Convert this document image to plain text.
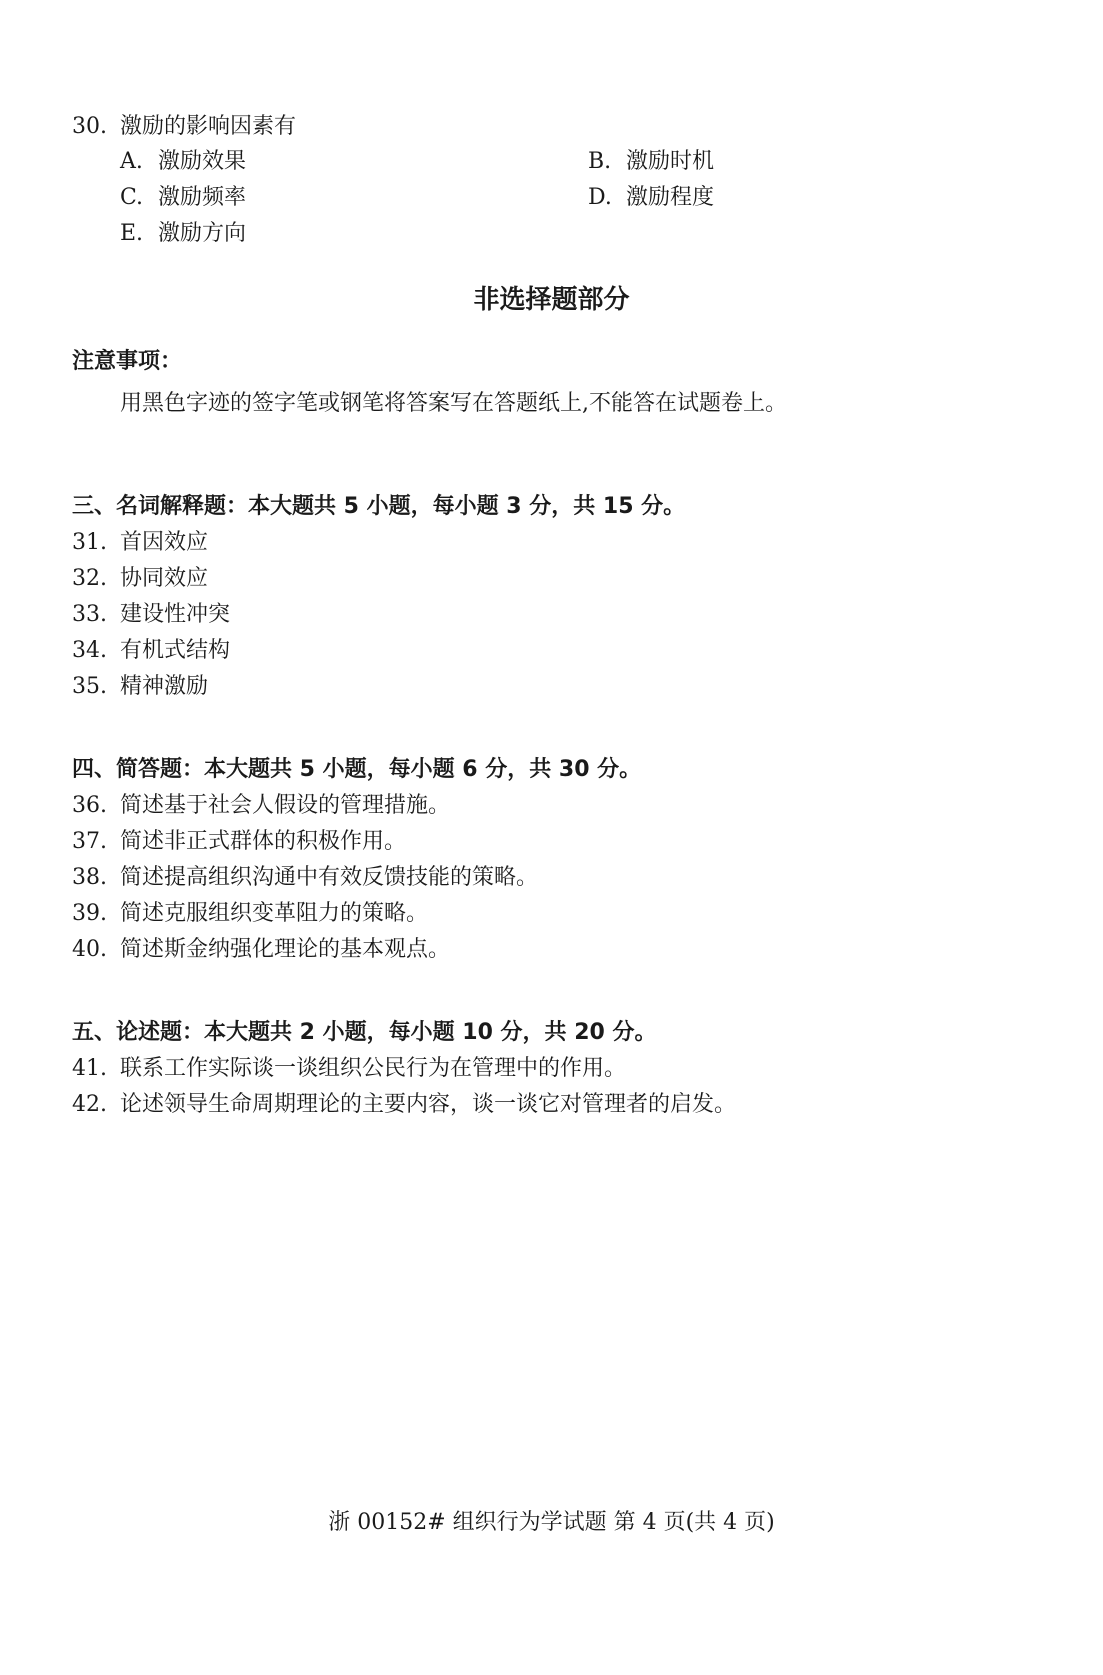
30. 激励的影响因素有
A. 激励效果	B. 激励时机
C. 激励频率	D. 激励程度
E. 激励方向
非选择题部分
注意事项：
用黑色字迹的签字笔或钢笔将答案写在答题纸上,不能答在试题卷上。
三、名词解释题：本大题共 5 小题，每小题 3 分，共 15 分。
31. 首因效应
32. 协同效应
33. 建设性冲突
34. 有机式结构
35. 精神激励
四、简答题：本大题共 5 小题，每小题 6 分，共 30 分。
36. 简述基于社会人假设的管理措施。
37. 简述非正式群体的积极作用。
38. 简述提高组织沟通中有效反馈技能的策略。
39. 简述克服组织变革阻力的策略。
40. 简述斯金纳强化理论的基本观点。
五、论述题：本大题共 2 小题，每小题 10 分，共 20 分。
41. 联系工作实际谈一谈组织公民行为在管理中的作用。
42. 论述领导生命周期理论的主要内容，谈一谈它对管理者的启发。
浙 00152# 组织行为学试题 第 4 页(共 4 页)
